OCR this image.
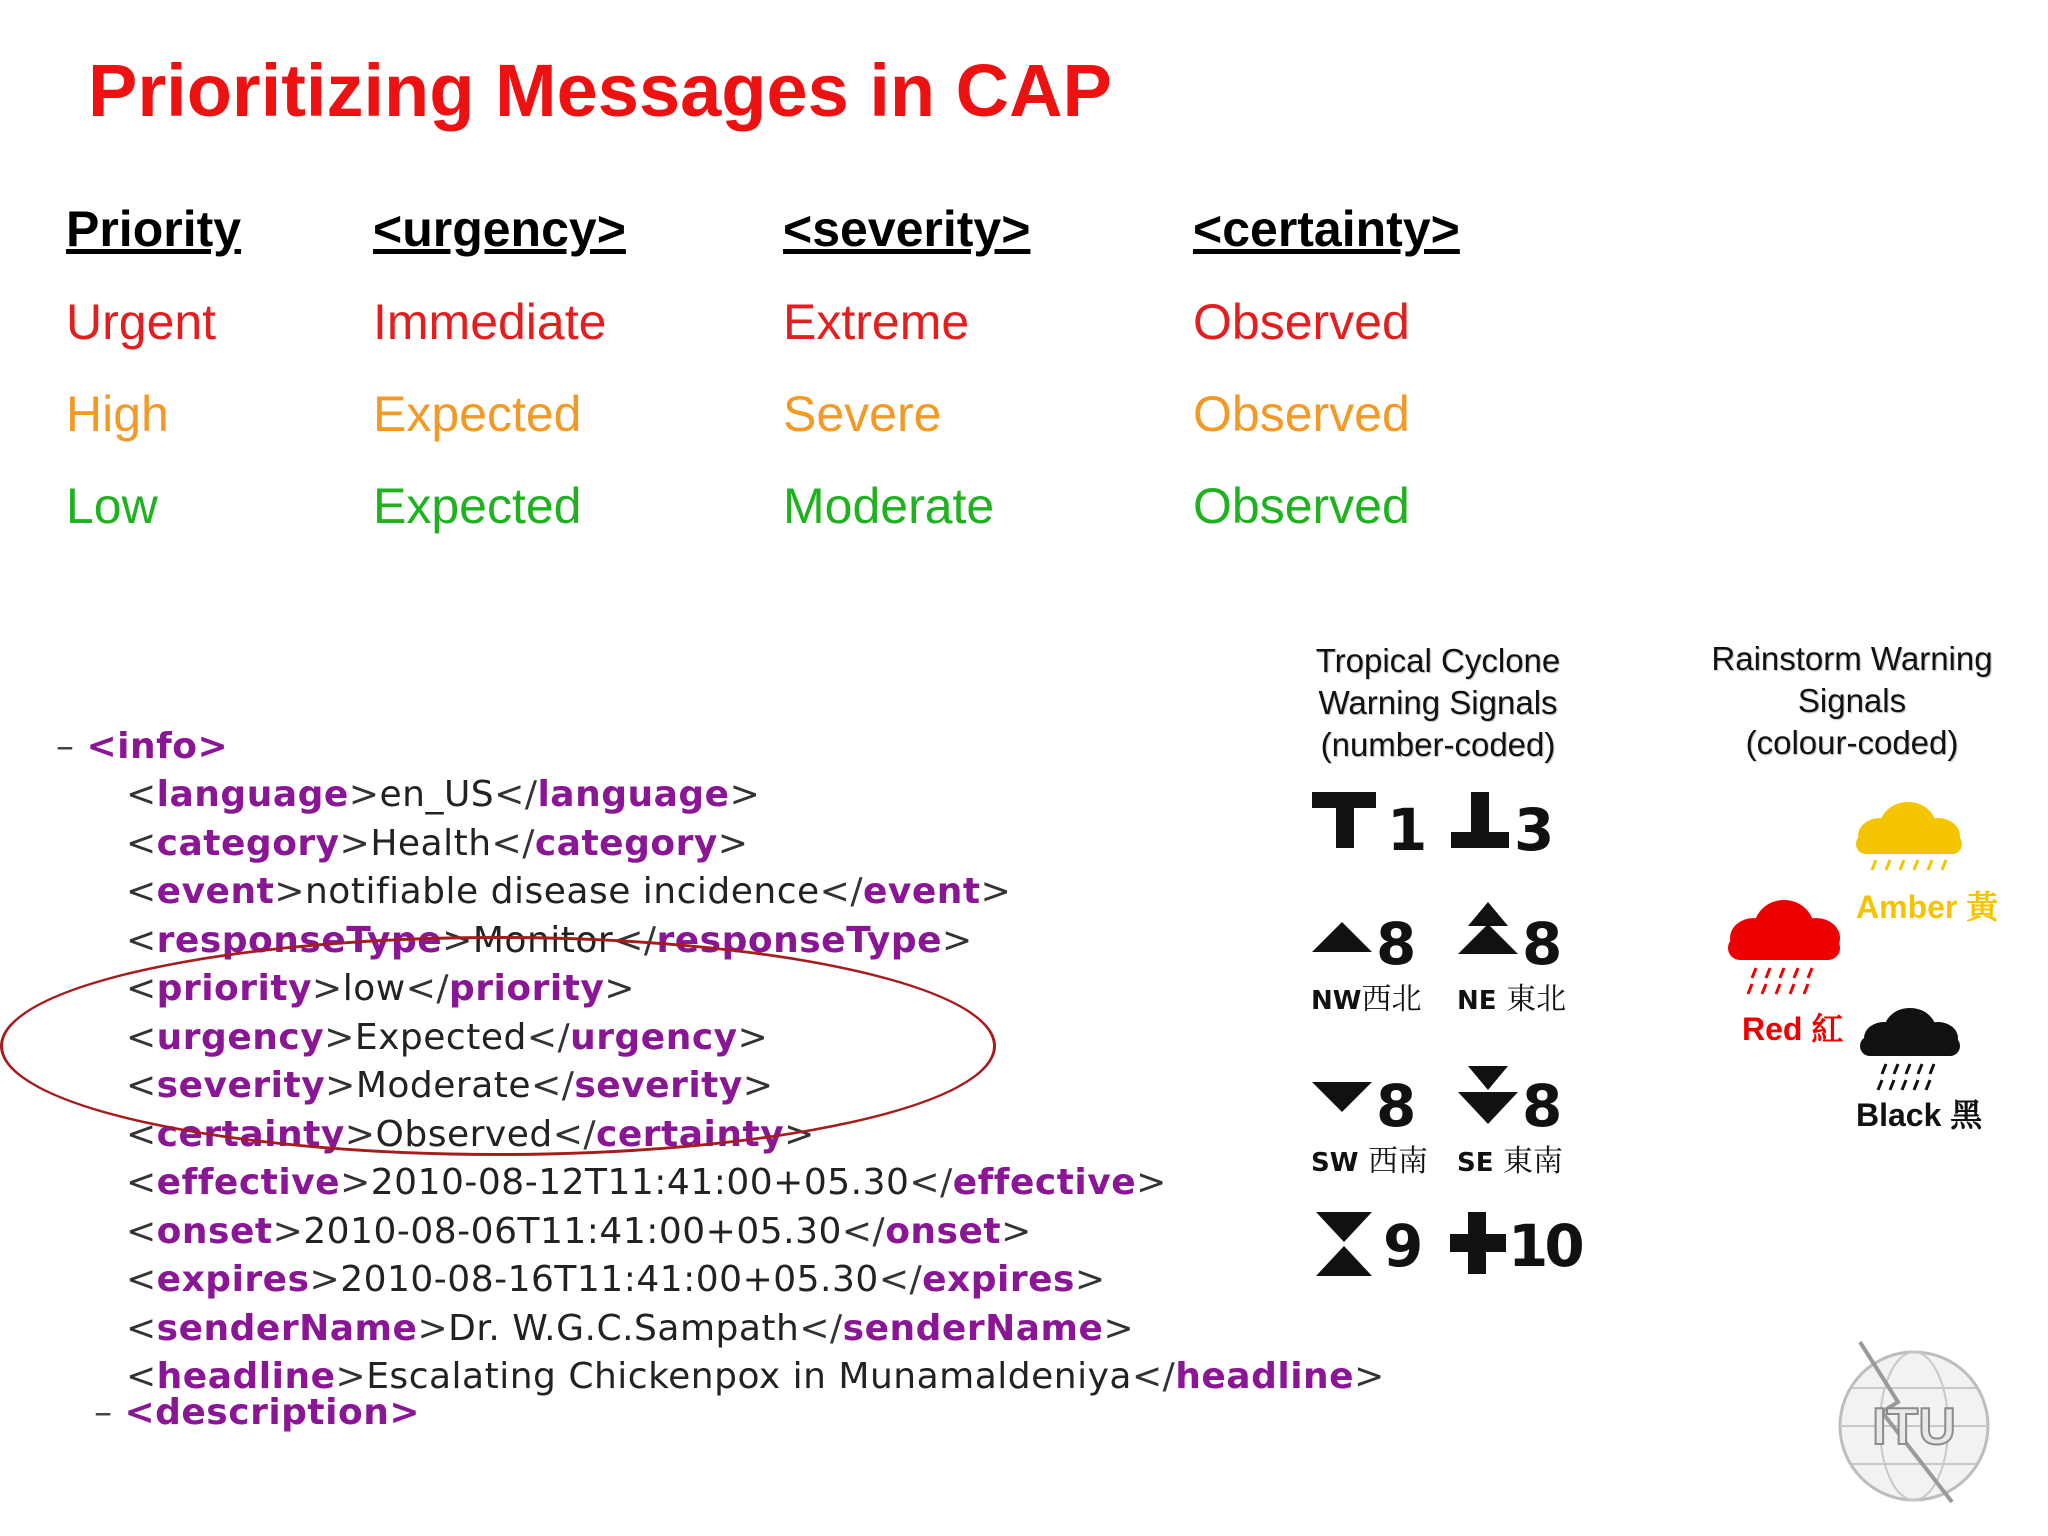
Prioritizing Messages in CAP
Priority	<urgency>	<severity>	<certainty>
Urgent	Immediate	Extreme	Observed
High	Expected	Severe	Observed
Low	Expected	Moderate	Observed
– <info>
<language>en_US</language>
<category>Health</category>
<event>notifiable disease incidence</event>
<responseType>Monitor</responseType>
<priority>low</priority>
<urgency>Expected</urgency>
<severity>Moderate</severity>
<certainty>Observed</certainty>
<effective>2010-08-12T11:41:00+05.30</effective>
<onset>2010-08-06T11:41:00+05.30</onset>
<expires>2010-08-16T11:41:00+05.30</expires>
<senderName>Dr. W.G.C.Sampath</senderName>
<headline>Escalating Chickenpox in Munamaldeniya</headline>
– <description>
Tropical Cyclone
Warning Signals
(number-coded)
1 3
8
NW西北
8
NE 東北
8
SW 西南
8
SE 東南
9 10
Rainstorm Warning
Signals
(colour-coded)
Amber 黃
Red 紅
Black 黑
ITU
